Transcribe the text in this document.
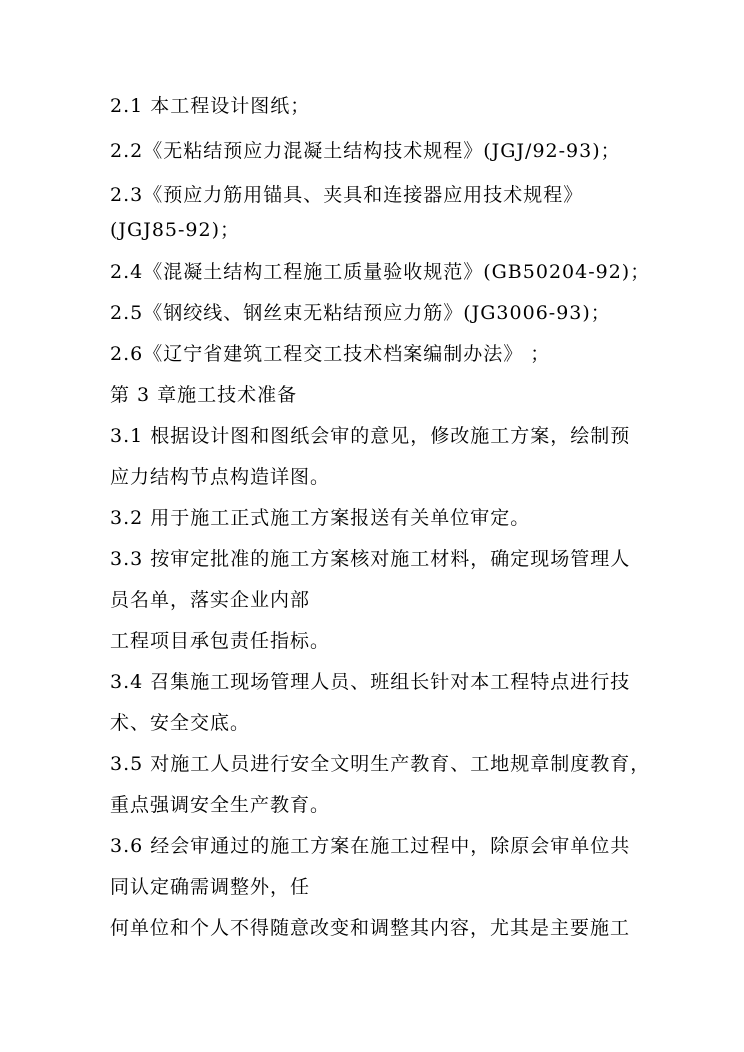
2.1 本工程设计图纸；
2.2《无粘结预应力混凝土结构技术规程》(JGJ/92-93)；
2.3《预应力筋用锚具、夹具和连接器应用技术规程》
(JGJ85-92)；
2.4《混凝土结构工程施工质量验收规范》(GB50204-92)；
2.5《钢绞线、钢丝束无粘结预应力筋》(JG3006-93)；
2.6《辽宁省建筑工程交工技术档案编制办法》 ；
第 3 章施工技术准备
3.1 根据设计图和图纸会审的意见，修改施工方案，绘制预
应力结构节点构造详图。
3.2 用于施工正式施工方案报送有关单位审定。
3.3 按审定批准的施工方案核对施工材料，确定现场管理人
员名单，落实企业内部
工程项目承包责任指标。
3.4 召集施工现场管理人员、班组长针对本工程特点进行技
术、安全交底。
3.5 对施工人员进行安全文明生产教育、工地规章制度教育，
重点强调安全生产教育。
3.6 经会审通过的施工方案在施工过程中，除原会审单位共
同认定确需调整外，任
何单位和个人不得随意改变和调整其内容，尤其是主要施工
